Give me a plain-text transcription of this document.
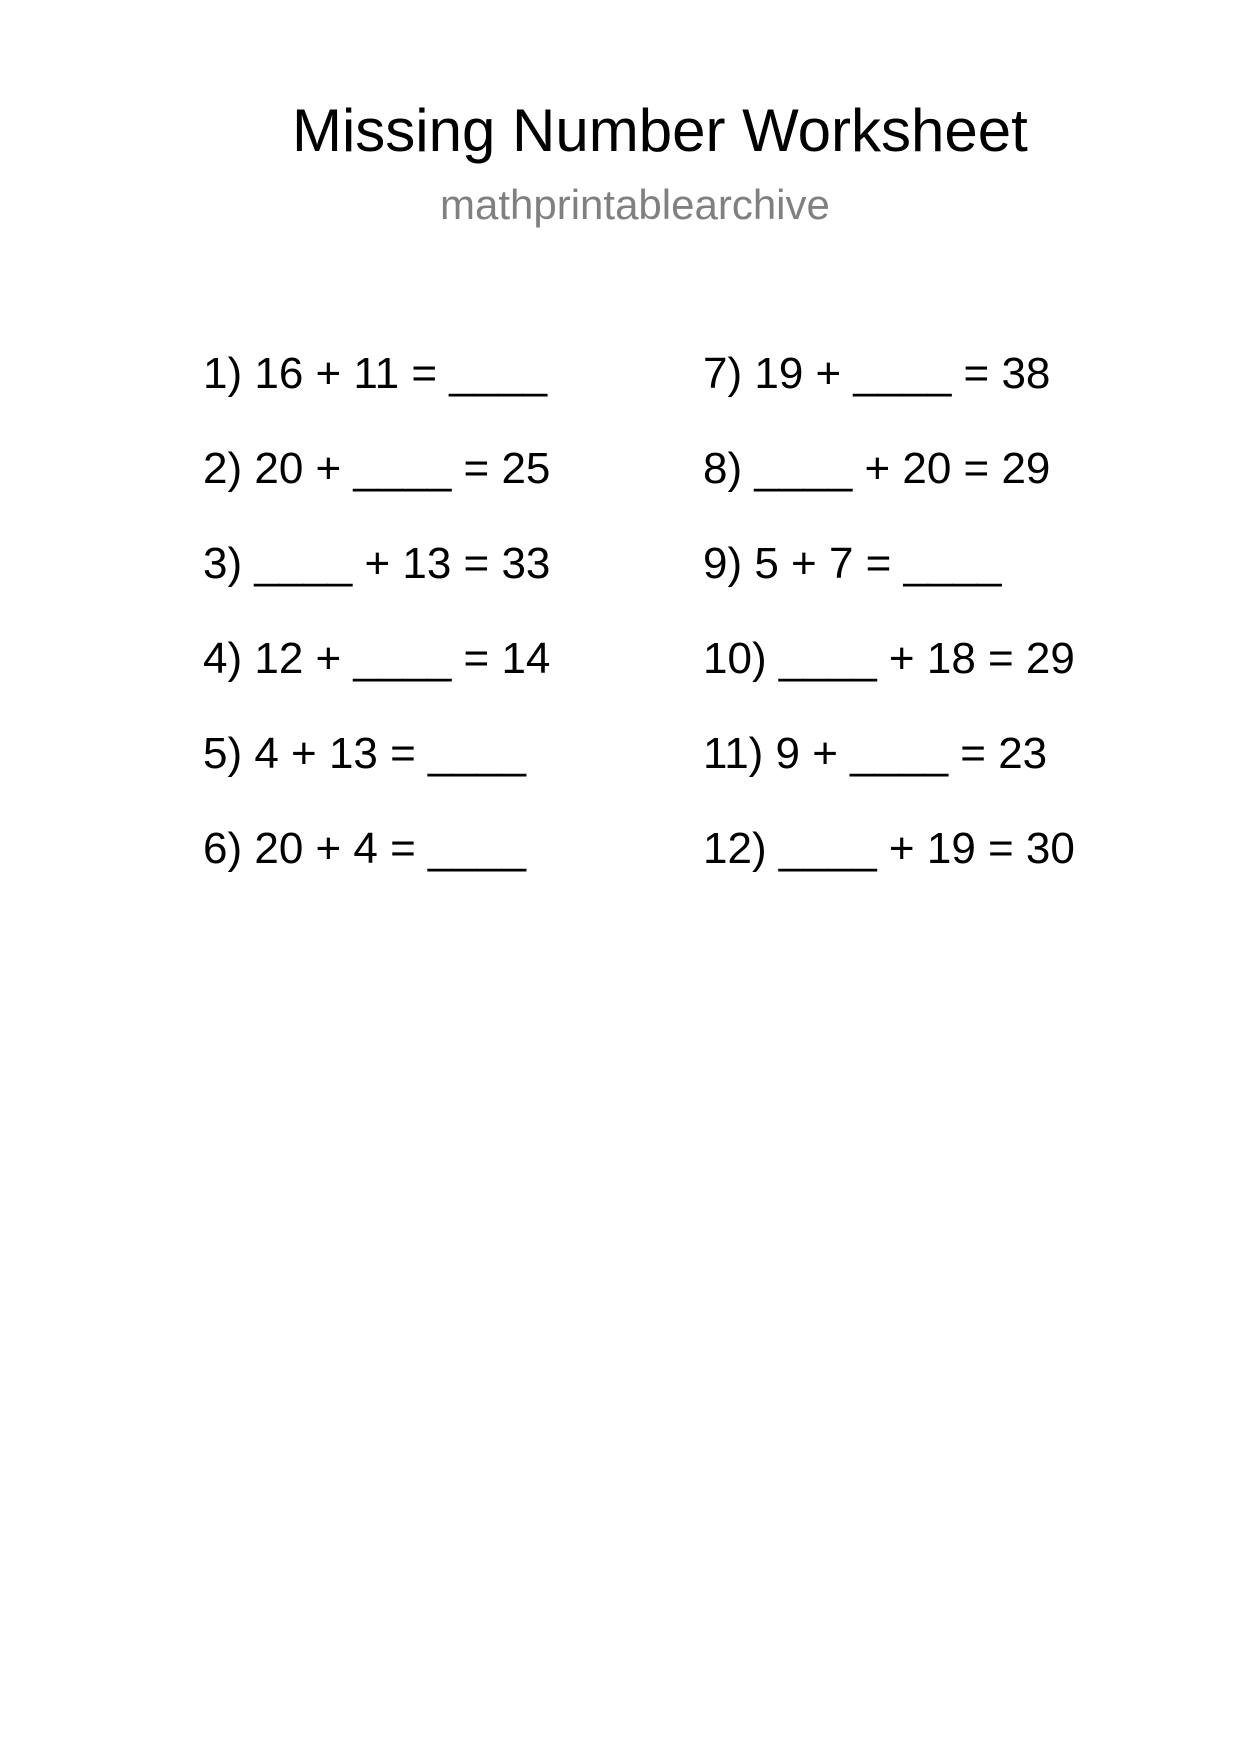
Missing Number Worksheet
mathprintablearchive
1) 16 + 11 = ____
2) 20 + ____ = 25
3) ____ + 13 = 33
4) 12 + ____ = 14
5) 4 + 13 = ____
6) 20 + 4 = ____
7) 19 + ____ = 38
8) ____ + 20 = 29
9) 5 + 7 = ____
10) ____ + 18 = 29
11) 9 + ____ = 23
12) ____ + 19 = 30
